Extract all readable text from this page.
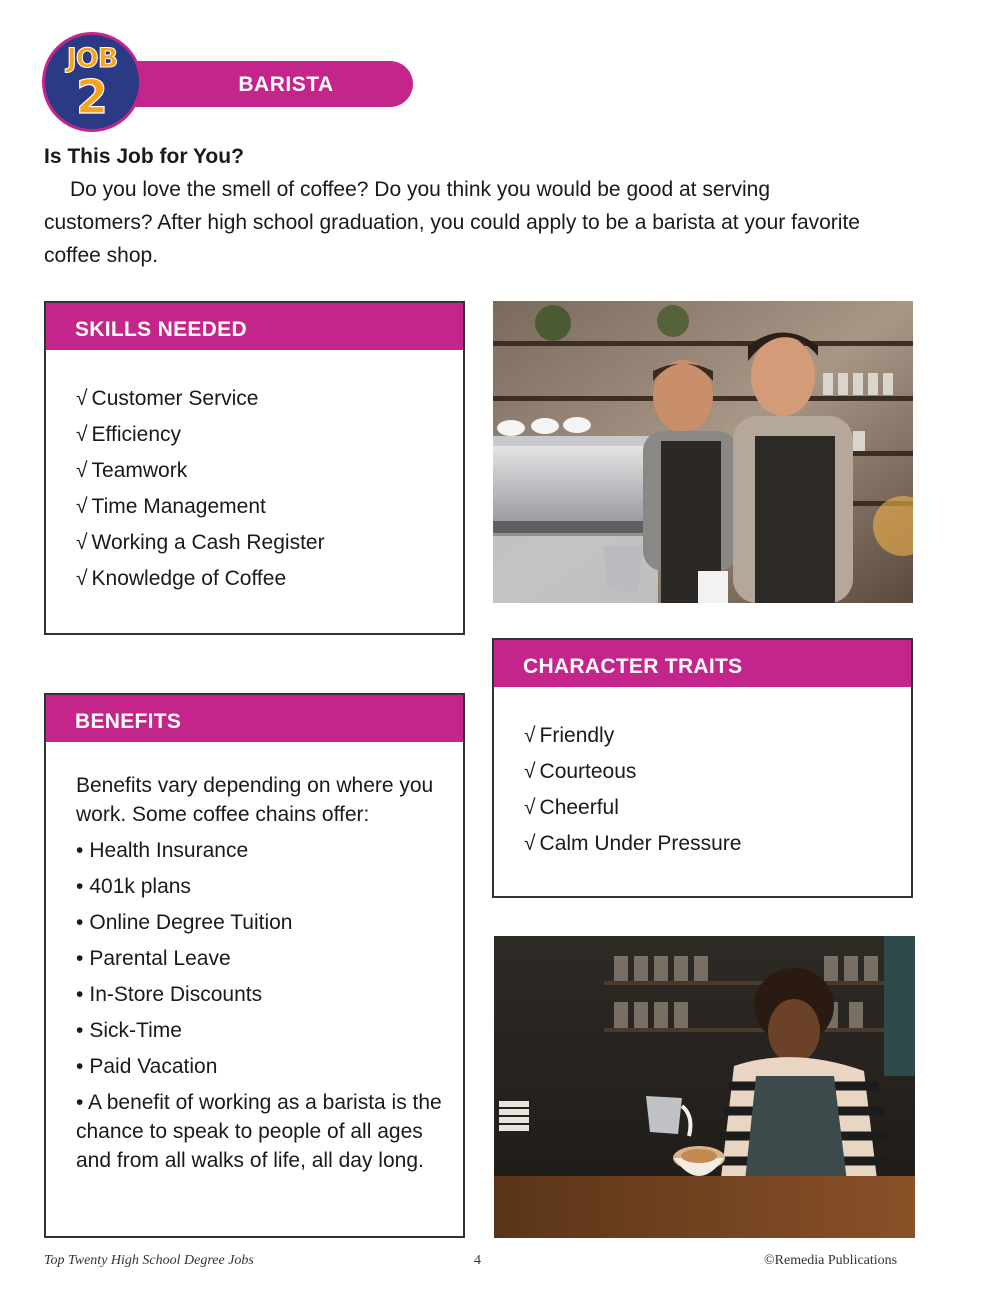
BARISTA
JOB
2
Is This Job for You?
Do you love the smell of coffee? Do you think you would be good at serving customers? After high school graduation, you could apply to be a barista at your favorite coffee shop.
SKILLS NEEDED
√ Customer Service
√ Efficiency
√ Teamwork
√ Time Management
√ Working a Cash Register
√ Knowledge of Coffee
CHARACTER TRAITS
√ Friendly
√ Courteous
√ Cheerful
√ Calm Under Pressure
BENEFITS
Benefits vary depending on where you work. Some coffee chains offer:
• Health Insurance
• 401k plans
• Online Degree Tuition
• Parental Leave
• In-Store Discounts
• Sick-Time
• Paid Vacation
• A benefit of working as a barista is the chance to speak to people of all ages and from all walks of life, all day long.
Top Twenty High School Degree Jobs	4	©Remedia Publications
